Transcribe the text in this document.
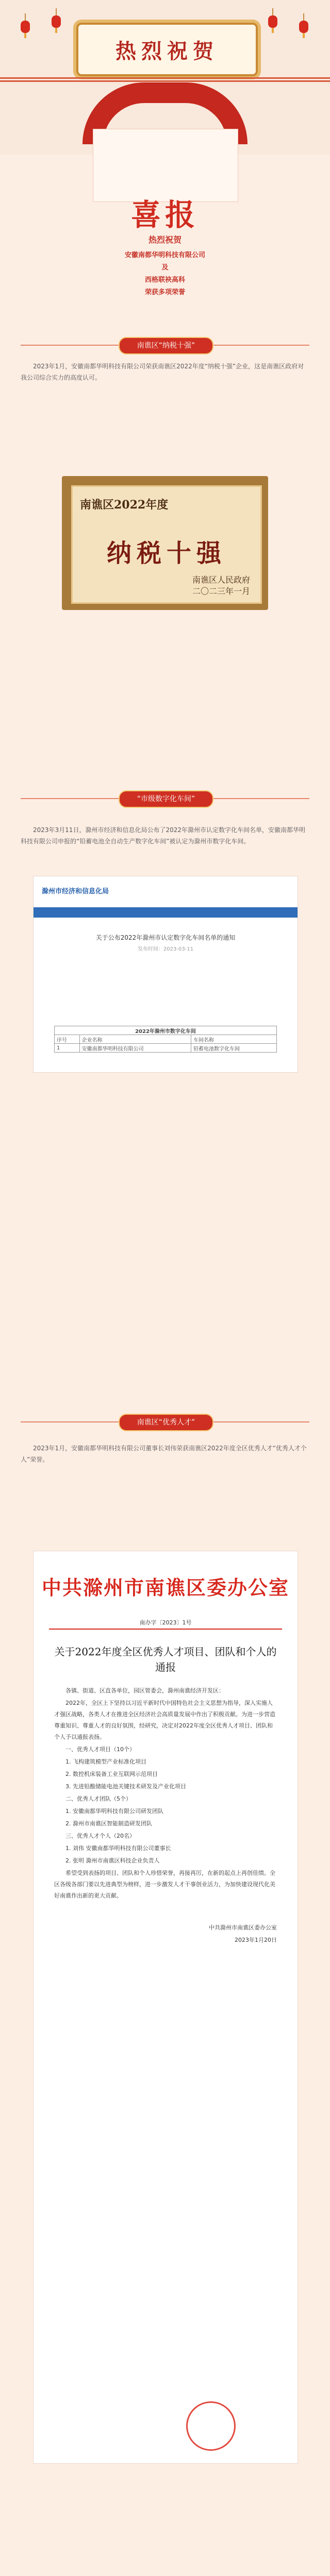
热烈祝贺
喜报
热烈祝贺
安徽南都华明科技有限公司
及
西格联袂高科
荣获多项荣誉
南谯区“纳税十强”
2023年1月，安徽南都华明科技有限公司荣获南谯区2022年度“纳税十强”企业，这是南谯区政府对我公司综合实力的高度认可。
南谯区2022年度
纳税十强
南谯区人民政府
二〇二三年一月
“市级数字化车间”
2023年3月11日，滁州市经济和信息化局公布了2022年滁州市认定数字化车间名单，安徽南都华明科技有限公司申报的“铅蓄电池全自动生产数字化车间”被认定为滁州市数字化车间。
滁州市经济和信息化局
关于公布2022年滁州市认定数字化车间名单的通知
发布时间：2023-03-11
2022年滁州市数字化车间		
序号	企业名称	车间名称
1	安徽南都华明科技有限公司	铅蓄电池数字化车间
南谯区“优秀人才”
2023年1月，安徽南都华明科技有限公司董事长刘伟荣获南谯区2022年度全区优秀人才“优秀人才个人”荣誉。
中共滁州市南谯区委办公室
南办字〔2023〕1号
关于2022年度全区优秀人才项目、团队和个人的通报

各镇、街道、区直各单位，园区管委会，滁州南谯经济开发区：

2022年，全区上下坚持以习近平新时代中国特色社会主义思想为指导，深入实施人才强区战略，各类人才在推进全区经济社会高质量发展中作出了积极贡献。为进一步营造尊重知识、尊重人才的良好氛围，经研究，决定对2022年度全区优秀人才项目、团队和个人予以通报表扬。

一、优秀人才项目（10个）

1. 飞构建筑模型产业标准化项目

2. 数控机床装备工业互联网示范项目

3. 先进铅酸储能电池关键技术研发及产业化项目

二、优秀人才团队（5个）

1. 安徽南都华明科技有限公司研发团队

2. 滁州市南谯区智能制造研发团队

三、优秀人才个人（20名）

1. 刘伟 安徽南都华明科技有限公司董事长

2. 张明 滁州市南谯区科技企业负责人

希望受到表扬的项目、团队和个人珍惜荣誉，再接再厉，在新的起点上再创佳绩。全区各级各部门要以先进典型为榜样，进一步激发人才干事创业活力，为加快建设现代化美好南谯作出新的更大贡献。

中共滁州市南谯区委办公室

2023年1月20日
